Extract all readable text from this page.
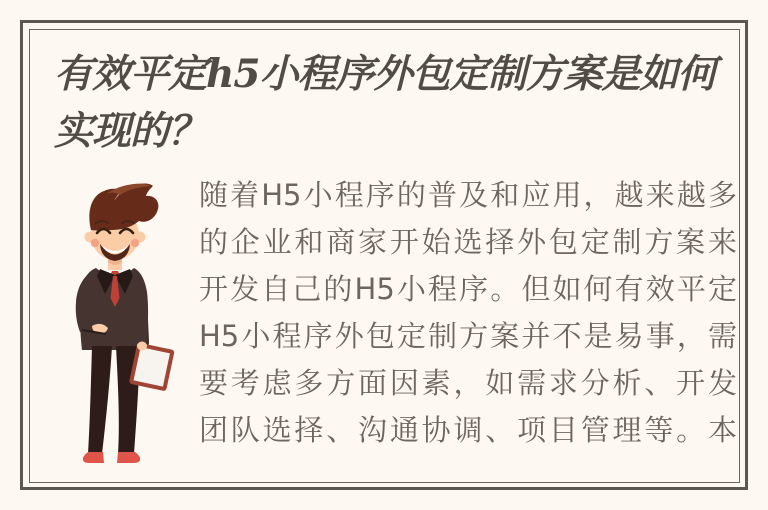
有效平定h5小程序外包定制方案是如何
实现的？
随着H5小程序的普及和应用，越来越多
的企业和商家开始选择外包定制方案来
开发自己的H5小程序。但如何有效平定
H5小程序外包定制方案并不是易事，需
要考虑多方面因素，如需求分析、开发
团队选择、沟通协调、项目管理等。本
